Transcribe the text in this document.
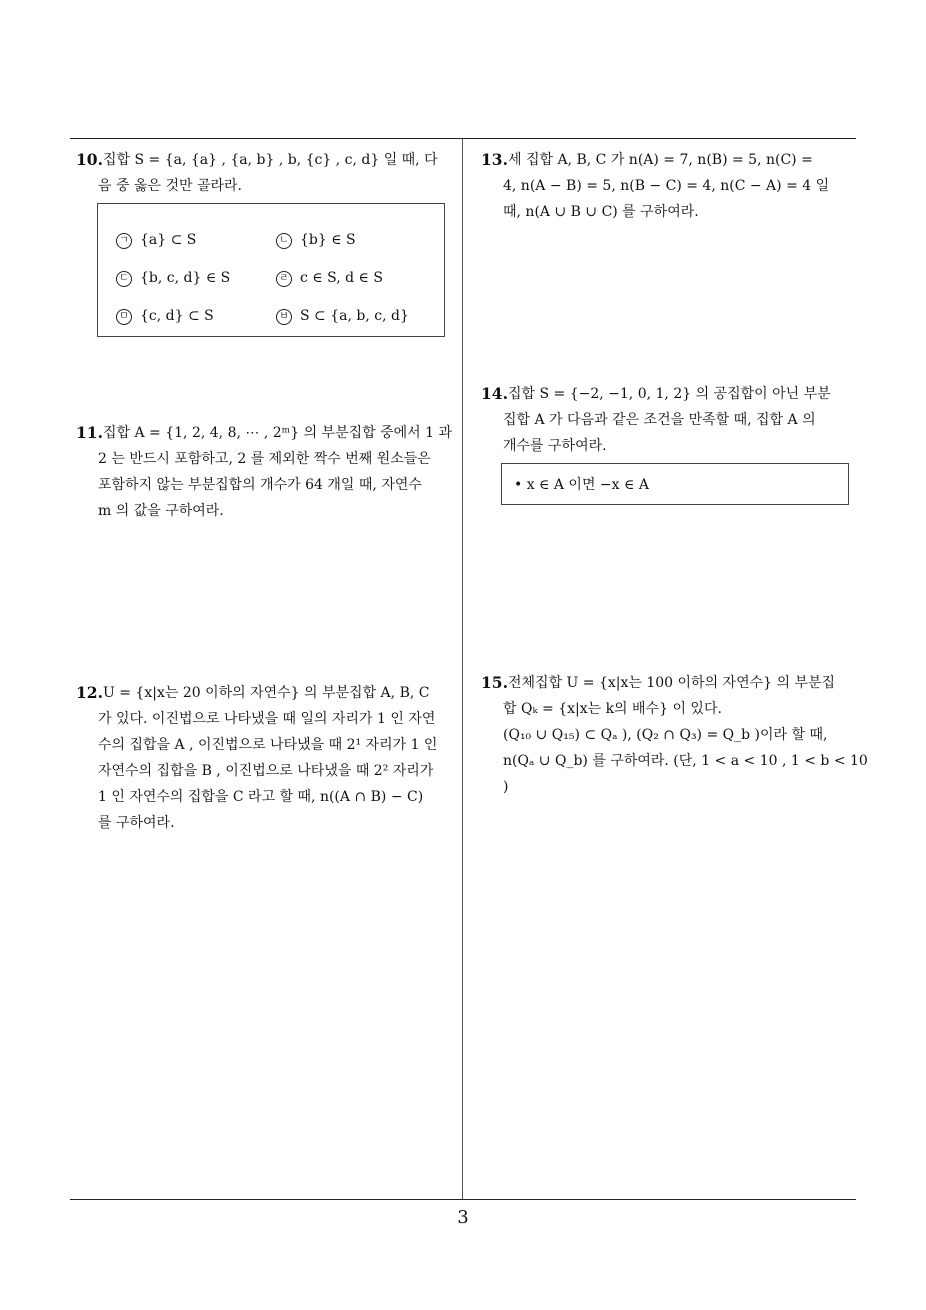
10. 집합 S = {a, {a} , {a, b} , b, {c} , c, d} 일 때, 다
음 중 옳은 것만 골라라.
ㄱ {a} ⊂ S	ㄴ {b} ∈ S
ㄷ {b, c, d} ∈ S	ㄹ c ∈ S, d ∈ S
ㅁ {c, d} ⊂ S	ㅂ S ⊂ {a, b, c, d}
11. 집합 A = {1, 2, 4, 8, ⋯ , 2ᵐ} 의 부분집합 중에서 1 과
2 는 반드시 포함하고, 2 를 제외한 짝수 번째 원소들은
포함하지 않는 부분집합의 개수가 64 개일 때, 자연수
m 의 값을 구하여라.
12. U = {x|x는 20 이하의 자연수} 의 부분집합 A, B, C
가 있다. 이진법으로 나타냈을 때 일의 자리가 1 인 자연
수의 집합을 A , 이진법으로 나타냈을 때 2¹ 자리가 1 인
자연수의 집합을 B , 이진법으로 나타냈을 때 2² 자리가
1 인 자연수의 집합을 C 라고 할 때, n((A ∩ B) − C)
를 구하여라.
13. 세 집합 A, B, C 가 n(A) = 7, n(B) = 5, n(C) =
4, n(A − B) = 5, n(B − C) = 4, n(C − A) = 4 일
때, n(A ∪ B ∪ C) 를 구하여라.
14. 집합 S = {−2, −1, 0, 1, 2} 의 공집합이 아닌 부분
집합 A 가 다음과 같은 조건을 만족할 때, 집합 A 의
개수를 구하여라.
• x ∈ A 이면 −x ∈ A
15. 전체집합 U = {x|x는 100 이하의 자연수} 의 부분집
합 Qₖ = {x|x는 k의 배수} 이 있다.
(Q₁₀ ∪ Q₁₅) ⊂ Qₐ ), (Q₂ ∩ Q₃) = Q_b )이라 할 때,
n(Qₐ ∪ Q_b) 를 구하여라. (단, 1 < a < 10 , 1 < b < 10
)
3
